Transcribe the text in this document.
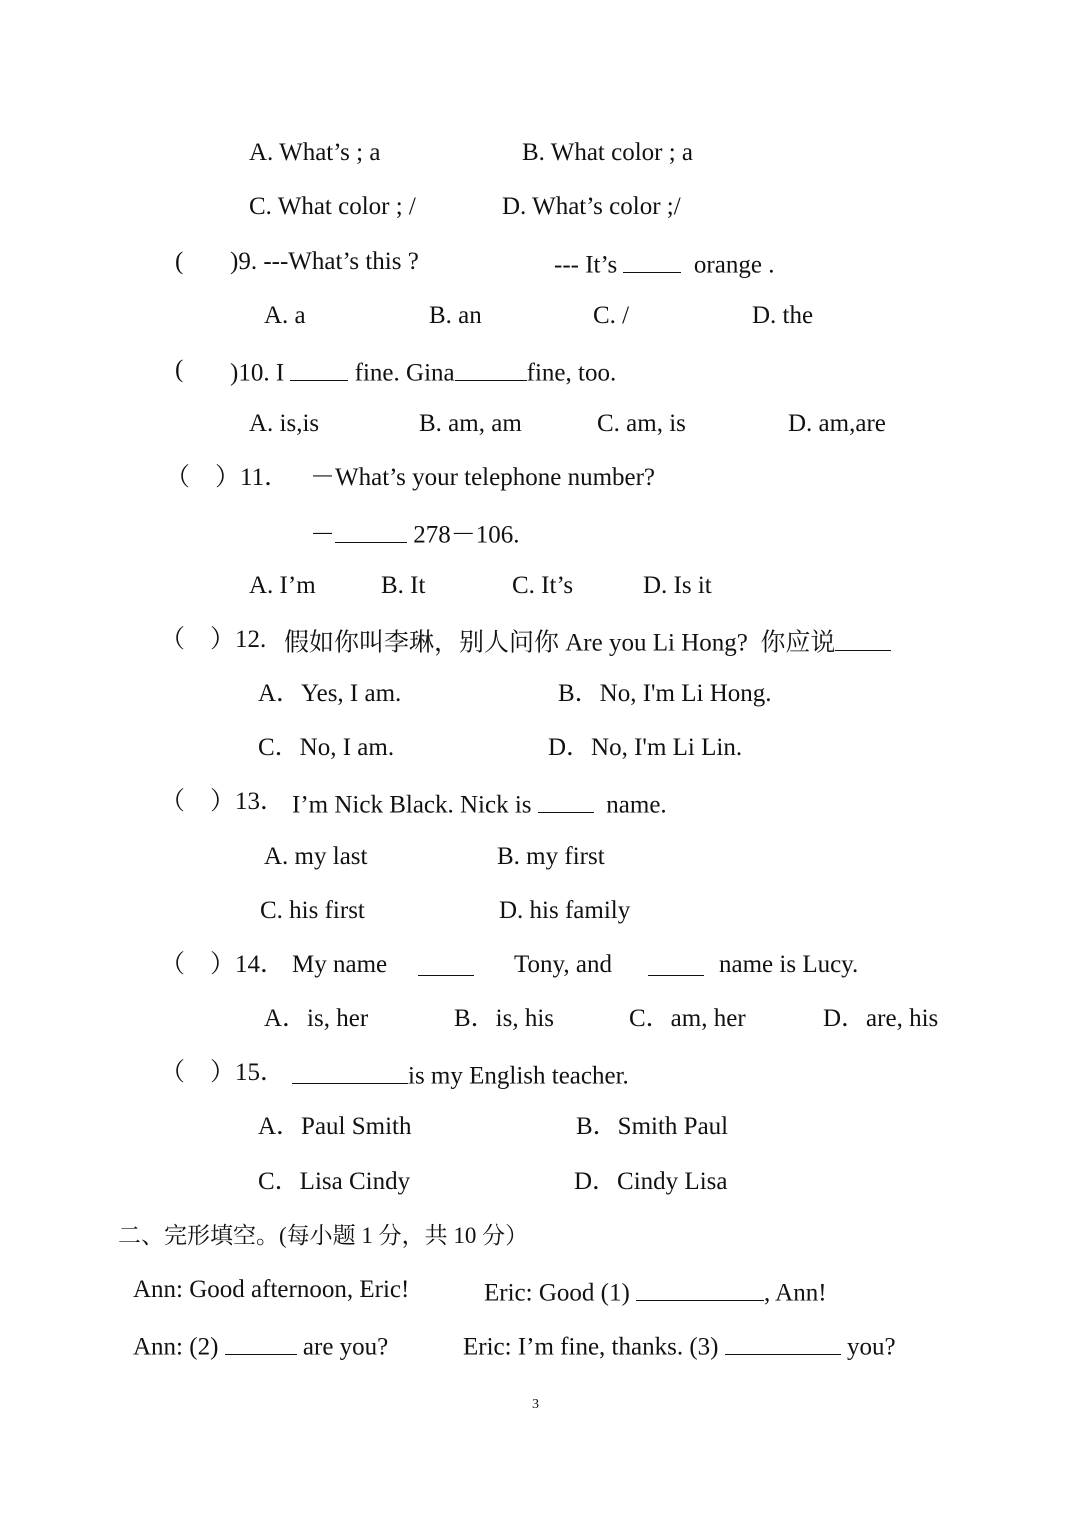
A. What’s ; a	B. What color ; a
C. What color ; /	D. What’s color ;/
( )9. ---What’s this ?	--- It’s	orange .
A. a	B. an	C. /	D. the
( )10. I	fine. Gina	fine, too.
A. is,is	B. am, am	C. am, is	D. am,are
（　）11． －What’s your telephone number?
－	278－106.
A. I’m	B. It	C. It’s	D. Is it
（　）12. 假如你叫李琳，别人问你 Are you Li Hong?  你应说
A．Yes, I am.	B．No, I'm Li Hong.
C．No, I am.	D．No, I'm Li Lin.
（　）13． I’m Nick Black. Nick is	name.
A. my last	B. my first
C. his first	D. his family
（　）14． My name	Tony, and	name is Lucy.
A．is, her	B．is, his	C．am, her	D．are, his
（　）15．	is my English teacher.
A．Paul Smith	B．Smith Paul
C．Lisa Cindy	D．Cindy Lisa
二、完形填空。(每小题 1 分，共 10 分）
Ann: Good afternoon, Eric!	Eric: Good (1)	, Ann!
Ann: (2)	are you?	Eric: I’m fine, thanks. (3)	you?
3
